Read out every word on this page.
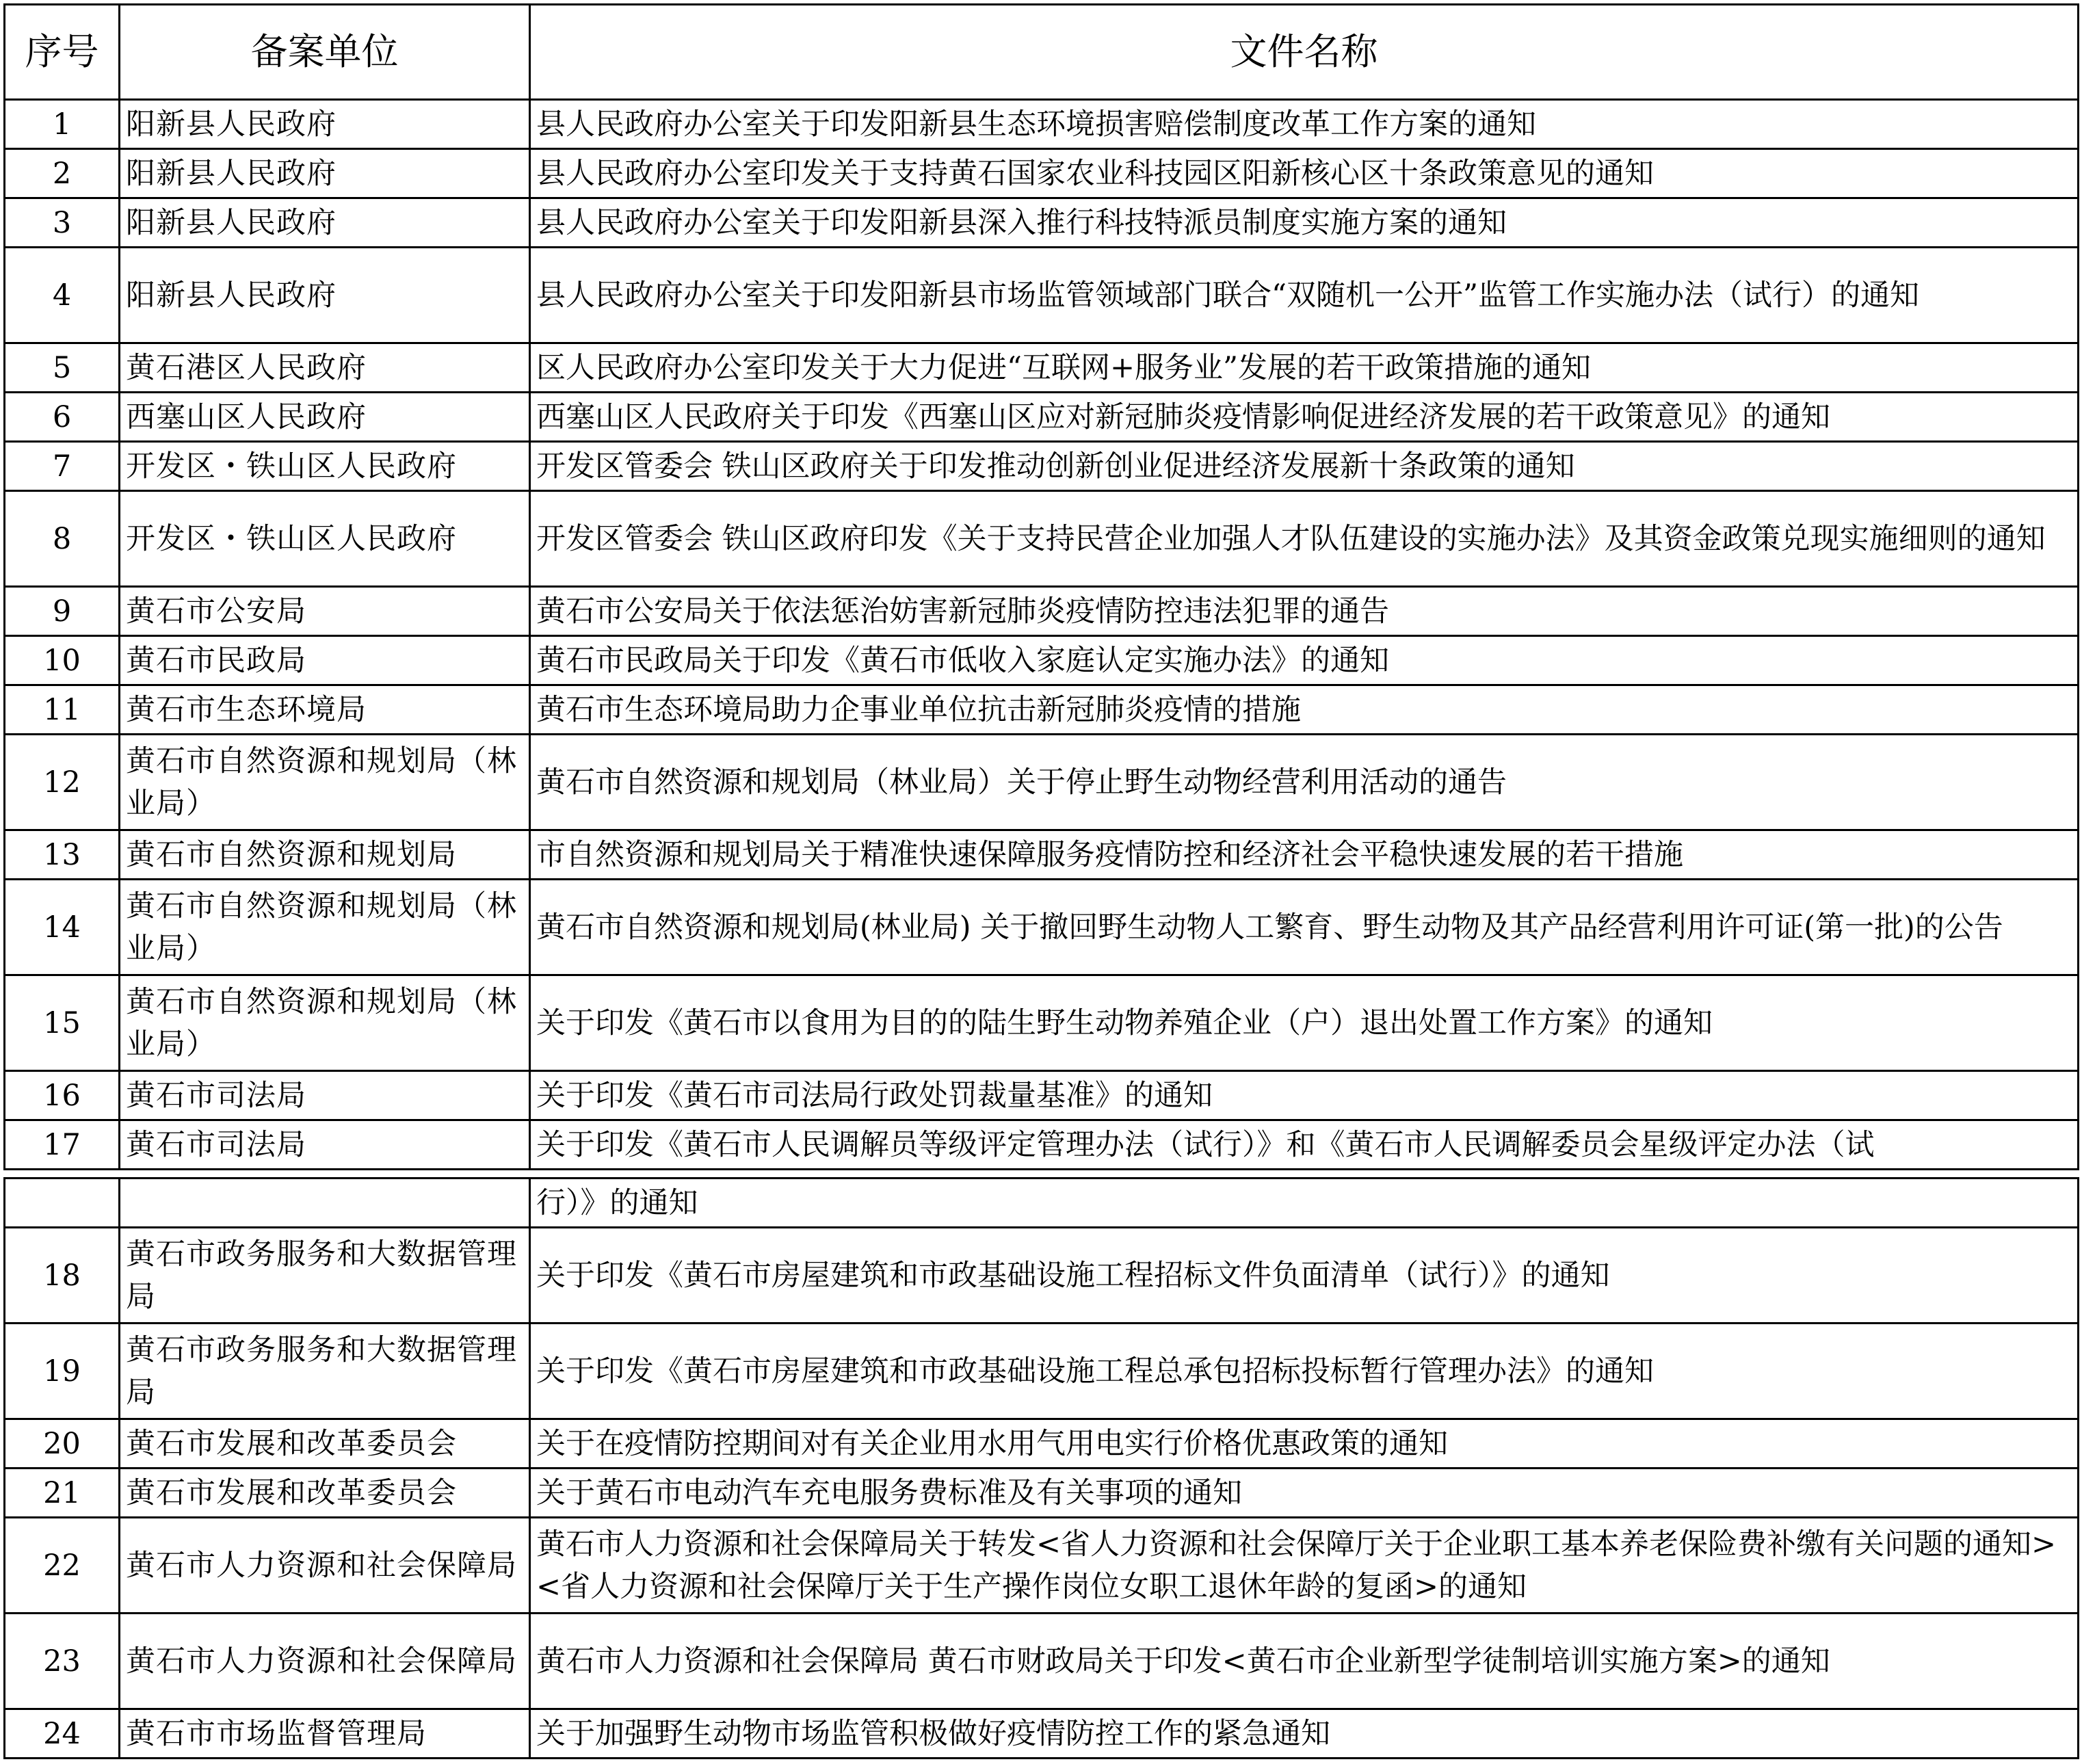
序号	备案单位	文件名称
1	阳新县人民政府	县人民政府办公室关于印发阳新县生态环境损害赔偿制度改革工作方案的通知
2	阳新县人民政府	县人民政府办公室印发关于支持黄石国家农业科技园区阳新核心区十条政策意见的通知
3	阳新县人民政府	县人民政府办公室关于印发阳新县深入推行科技特派员制度实施方案的通知
4	阳新县人民政府	县人民政府办公室关于印发阳新县市场监管领域部门联合“双随机一公开”监管工作实施办法（试行）的通知
5	黄石港区人民政府	区人民政府办公室印发关于大力促进“互联网+服务业”发展的若干政策措施的通知
6	西塞山区人民政府	西塞山区人民政府关于印发《西塞山区应对新冠肺炎疫情影响促进经济发展的若干政策意见》的通知
7	开发区・铁山区人民政府	开发区管委会 铁山区政府关于印发推动创新创业促进经济发展新十条政策的通知
8	开发区・铁山区人民政府	开发区管委会 铁山区政府印发《关于支持民营企业加强人才队伍建设的实施办法》及其资金政策兑现实施细则的通知
9	黄石市公安局	黄石市公安局关于依法惩治妨害新冠肺炎疫情防控违法犯罪的通告
10	黄石市民政局	黄石市民政局关于印发《黄石市低收入家庭认定实施办法》的通知
11	黄石市生态环境局	黄石市生态环境局助力企事业单位抗击新冠肺炎疫情的措施
12	黄石市自然资源和规划局（林业局）	黄石市自然资源和规划局（林业局）关于停止野生动物经营利用活动的通告
13	黄石市自然资源和规划局	市自然资源和规划局关于精准快速保障服务疫情防控和经济社会平稳快速发展的若干措施
14	黄石市自然资源和规划局（林业局）	黄石市自然资源和规划局(林业局) 关于撤回野生动物人工繁育、野生动物及其产品经营利用许可证(第一批)的公告
15	黄石市自然资源和规划局（林业局）	关于印发《黄石市以食用为目的的陆生野生动物养殖企业（户）退出处置工作方案》的通知
16	黄石市司法局	关于印发《黄石市司法局行政处罚裁量基准》的通知
17	黄石市司法局	关于印发《黄石市人民调解员等级评定管理办法（试行）》和《黄石市人民调解委员会星级评定办法（试

		行）》的通知
18	黄石市政务服务和大数据管理局	关于印发《黄石市房屋建筑和市政基础设施工程招标文件负面清单（试行）》的通知
19	黄石市政务服务和大数据管理局	关于印发《黄石市房屋建筑和市政基础设施工程总承包招标投标暂行管理办法》的通知
20	黄石市发展和改革委员会	关于在疫情防控期间对有关企业用水用气用电实行价格优惠政策的通知
21	黄石市发展和改革委员会	关于黄石市电动汽车充电服务费标准及有关事项的通知
22	黄石市人力资源和社会保障局	黄石市人力资源和社会保障局关于转发<省人力资源和社会保障厅关于企业职工基本养老保险费补缴有关问题的通知><省人力资源和社会保障厅关于生产操作岗位女职工退休年龄的复函>的通知
23	黄石市人力资源和社会保障局	黄石市人力资源和社会保障局 黄石市财政局关于印发<黄石市企业新型学徒制培训实施方案>的通知
24	黄石市市场监督管理局	关于加强野生动物市场监管积极做好疫情防控工作的紧急通知
